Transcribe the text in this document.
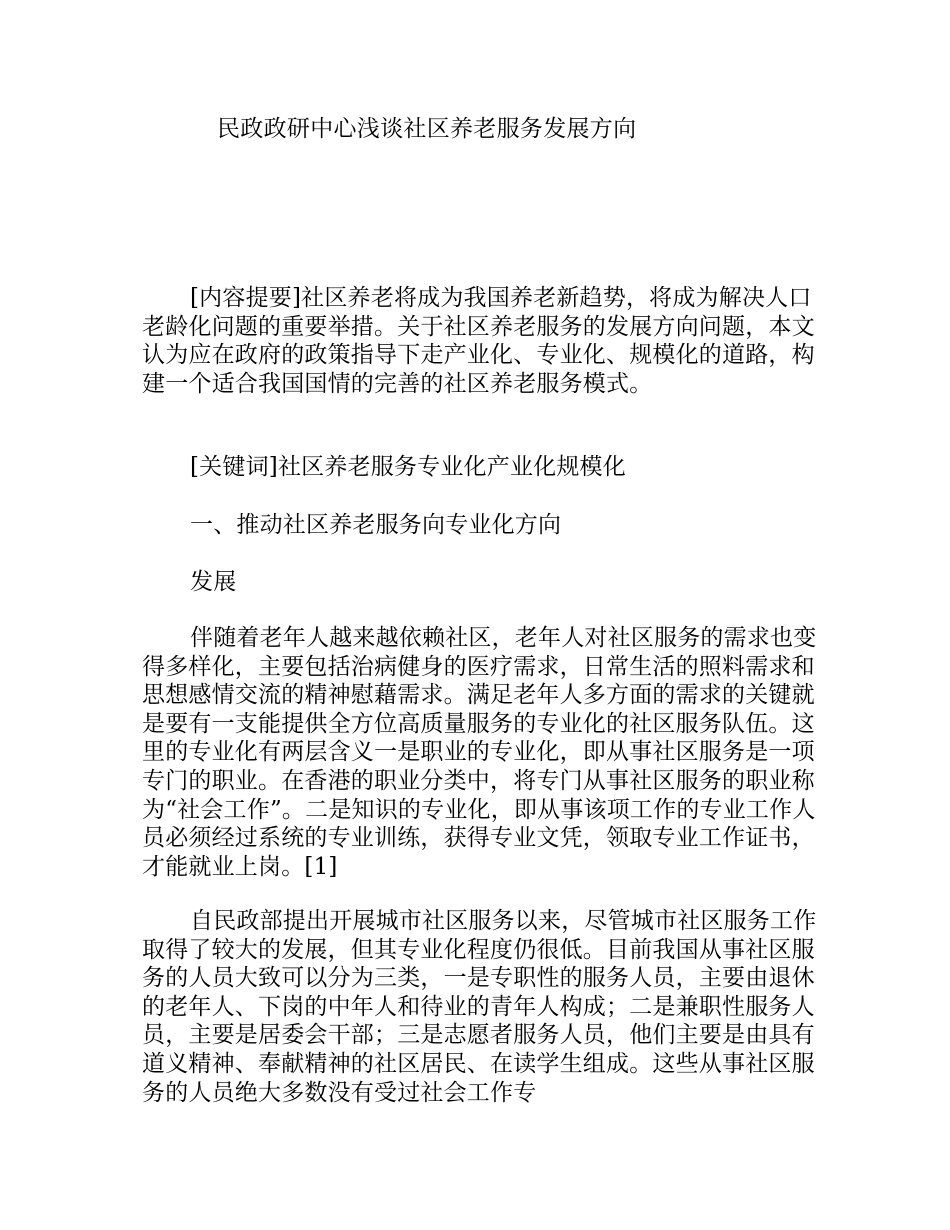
民政政研中心浅谈社区养老服务发展方向

[内容提要]社区养老将成为我国养老新趋势，将成为解决人口老龄化问题的重要举措。关于社区养老服务的发展方向问题，本文认为应在政府的政策指导下走产业化、专业化、规模化的道路，构建一个适合我国国情的完善的社区养老服务模式。

[关键词]社区养老服务专业化产业化规模化

一、推动社区养老服务向专业化方向

发展

伴随着老年人越来越依赖社区，老年人对社区服务的需求也变得多样化，主要包括治病健身的医疗需求，日常生活的照料需求和思想感情交流的精神慰藉需求。满足老年人多方面的需求的关键就是要有一支能提供全方位高质量服务的专业化的社区服务队伍。这里的专业化有两层含义一是职业的专业化，即从事社区服务是一项专门的职业。在香港的职业分类中，将专门从事社区服务的职业称为“社会工作”。二是知识的专业化，即从事该项工作的专业工作人员必须经过系统的专业训练，获得专业文凭，领取专业工作证书，才能就业上岗。[1]

自民政部提出开展城市社区服务以来，尽管城市社区服务工作取得了较大的发展，但其专业化程度仍很低。目前我国从事社区服务的人员大致可以分为三类，一是专职性的服务人员，主要由退休的老年人、下岗的中年人和待业的青年人构成；二是兼职性服务人员，主要是居委会干部；三是志愿者服务人员，他们主要是由具有道义精神、奉献精神的社区居民、在读学生组成。这些从事社区服务的人员绝大多数没有受过社会工作专
